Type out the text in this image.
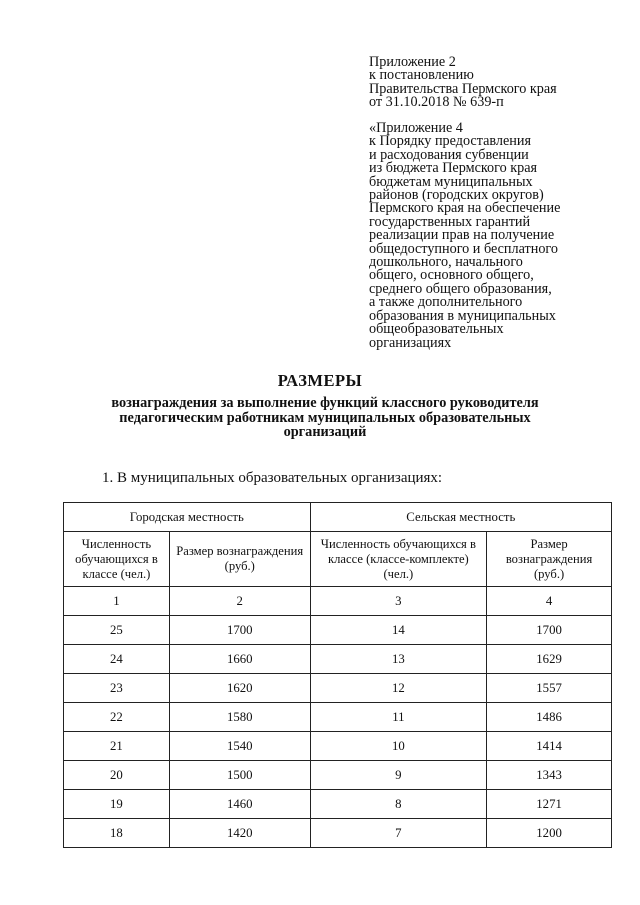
Приложение 2
к постановлению
Правительства Пермского края
от 31.10.2018 № 639-п
«Приложение 4
к Порядку предоставления
и расходования субвенции
из бюджета Пермского края
бюджетам муниципальных
районов (городских округов)
Пермского края на обеспечение
государственных гарантий
реализации прав на получение
общедоступного и бесплатного
дошкольного, начального
общего, основного общего,
среднего общего образования,
а также дополнительного
образования в муниципальных
общеобразовательных
организациях
РАЗМЕРЫ
вознаграждения за выполнение функций классного руководителя
педагогическим работникам муниципальных образовательных
организаций
1. В муниципальных образовательных организациях:
Городская местность		Сельская местность	
Численность обучающихся в классе (чел.)	Размер вознаграждения (руб.)	Численность обучающихся в классе (классе-комплекте) (чел.)	Размер вознаграждения (руб.)
1	2	3	4
25	1700	14	1700
24	1660	13	1629
23	1620	12	1557
22	1580	11	1486
21	1540	10	1414
20	1500	9	1343
19	1460	8	1271
18	1420	7	1200
